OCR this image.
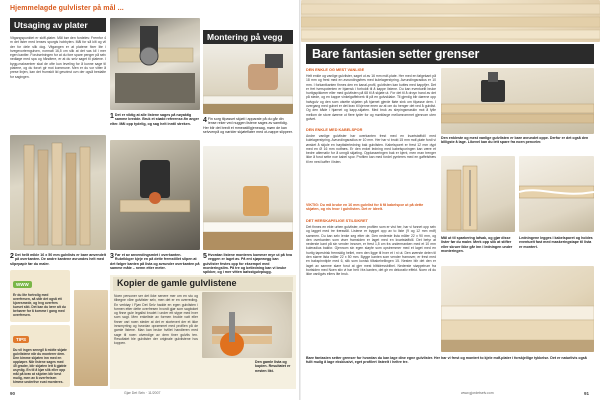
Hjemmelagde gulvlister på mål ...
Utsaging av plater
Vitgangspunktet er skiff-plater. Mål bør den fordeles: Fremfor 4 m det lister med lenses sporgis hobbyten. Mål for så kilt og vil der for dele slik dog. Vitgangen er at platene fixer lite i hvegevorterngulven, normalt 16,5 cm slik at det vas kil i mer egen kantler. Forutsetningen for at du fore spare penger på selv nedløge med spa og håndtere, er at du selv saget til platene. I bygg-maksentrer skal de ofte kun leveling for å kunne sage til platene, og du forort gir mot kommune. Men er du vor vitter å prese linjen, kan det frumskit lid gesvinst ovn der også bestalte for sagingen.
Montering på vegg
1 Det er viktig at alle listene sages på nøyaktig samme bredde. Bruk et stødd referense-fin anger elter. Mål opp tydelig, og sag helt inntil streken.	4 Fin sorg tilpasset skjøtt i apparate på du går din lense reker ved nuggen listene sages av samtidig. Her blir det bredt et mmeastillgjeneaag, mørn de kan selvvenpå og nørider skjøteflater med ot-nøppe slippeer.
2 Det hellt mikle 16 x 50 mm gulvlists er bare anvendelt på overkanten. De andre kantene avrundes helt med slipepapir før du maler.
3 Før et av anvendingsmiet i overkanten. Rubrikkger kjeje en på dette fremstillet slipen at det følger kanten på lista og avrunder overkanten på samme måte – nemn etter meter.
5 Hvordan listene monteres kommer mye ut på hva veggen er laget av. På ent sjøpewegg kan gulvlister festes opp for eksempel med monteringslim. På tre og betledning kan vi bruke spikker, og i mer vitten bølsstgulvplugg.
WWW
Er du lite fortrolig med overfresen, så står det også ett kjoresmede, og hvg overfres kurset sikt. Det kan du lære alt du behøver for å komme i gang med overfresen.
TIPS
Du vil ingen senegil å midte skjøte gulvlistene når du monterer dem. Den kimme skjøten inn med en oppløper. Når listene sages med 45 grader, blir skjøten lett å gjøbte usynlig. En til å kjør slik eller opp mål på krav at skjoten blir best mulig, men av å overfreisen kimme underlive eust monteres.
Kopier de gamle gulvlistene
Noen personer ser det ikke senere mer om en stu og tilbegne våre gulvlister selv, men det er en overreding. En verktøy i Fjøn Det Selv hadde en egen gulvlisten i formen etter dette overfresen hvordt gjør som sagboket og finne gule legallst brudet i under ett stype med hver som sagt. Men enkeltste av formen brukte vatt eller finner vari noen steder at det er stortevert der et ikke innsmyrting og hvordan oprømmet med profilen på de gamle listene. Man kan bruke hvillet handleren med sage til noen utvendige av dem tiner gulvlis ten. Resultatet ble gulvlister der originale gulvlistene hos koppen.
Den gamle lista og kopien. Resultatet er nesten likt.
90	Gjør Det Selv · 11/2007
Bare fantasien setter grenser
DEN ENKLE OG MEST VANLIGE
Helt enkle og vanlige gulvlister, saget ut av 16 mm mdf-plate. Her med en følgekant på 18 mm og frest med en avrundingsfres med kulelagerstyring. Avrundingsradius er 10 mm. I forkantkanten finnes den en kanal-profil, gulvlisten kan kuttes med kappfjer. Det er fret tverspotenten er bjørnsk i forholdt til å kappe listene. Du kan eventuellt bruke hurtigspikkerer eller med gulvlisten på 68 til å skjøte ut. For det til å droyn hand av det på stede, og en kappe vinkelgaffelverk til på en gulvsklake. Til gjerdig blir dørene opp halvgulv og den som utsette skjøten på hjørnet gjerde fløte sink om tilpasse dem. I overgang med gulvet er det krav til kjenne enen av at om du henger det ved å gulvlist. Og den både i hjørnet og kapp-skjøten. Med bruk av slepingsmaskin mot å fylle mellom de store dørene ut flere tyder for og mørkfarge mellomrommet gjennom uten gulvet.
Den enkleste og mest vanlige gulvlisten er bare avrundet oppe. Derfor er det også den billigste å lage. Likevel kan du lett spare fra noen penceler.
DEN ENKLE MED KABELSPOR
Andre vanlige gulvlister har overkanten frest med en kvartstaffolil med kulelagerstyring. Avrundingsradius er 10 mm. Her har vi brukt 15 mm mdf-plate fordi vi ønsket å skjule en høyttalerledning bak gulvlisten. Kabelsporet er frest 12 mm dypt med en Ø 16 mm notfræs. Er den enkel ledning med kabelsporingen kan være et bedre alternativ for å unngå skjøting. Opplasseringen bak er kjent, men man trenger ikke å forut sette noe kabel spor. Profilen kan med fordel pynteres med en gaffelsfræs til en nest kaffer i listen.
VIKTIG: Du må bruke en 16 mm gulvlist for å få kabelspor ut på dette skjøten, og vis hvor i gulvlisten. Det er ideelt.
Mål ut til sparkering lafsak, og gjør disse lister før du maler. Merk opp slik at stifter eller skruer ikke går inn i ledningen under monteringen.
Ledningene legges i kabelsporet og holdes eventuelt fast med maskeringstape til lista er montert.
DET HERSKAPELIGE STILSIKRET
Det finnes en ekte urben gulvlister, men profilen som er vist her, har vi funnet opp selv og lagget med tre fræsstål. Listene er bygget opp av to liste (9 og 12 mm mdf) sammen. Du kan selv lenke seg etter de. Den nederste lista måler 22 x 90 mm, og den overkanten som viser framsiden er laget med en kvartstaffolil. Det betyr at nederste kant på sin vender innover, er frest 1,5 cm fra undermanken med et 10 mm kuleradius bakfor. Gjennom sin egen sløyfe som opstremmer med et laget med en hurtig tapestrisk fremsidig hellet, men den ligge til hver et i ni ut. Den øverste delen til den større lista måler 22 x 50 mm. Bygge kanten som vender framover, er frest med en bakspinntiple med 6, slik som konisk tilbakehellingen 15. Nesten blir det den er laget av samme sløre forut at gjer mest blittdressbilbel. Nederste støppelrum fra bortsiden med Noen stiv vi har helt i fra kanten, det gir en dekorativ effekt. Noen vil du ikke vanligvis ellers lite bruk.
Bare fantasien setter grenser for hvordan du kan lage dine egne gulvlister. Her har vi frest og montert to kjele mdf-plater i forskjellige tykkelse. Det er naturlivis også fullt mulig å lage eksklusivt, eget profilert listeelt i heltre tre.
www.gjordetselv.com	91
